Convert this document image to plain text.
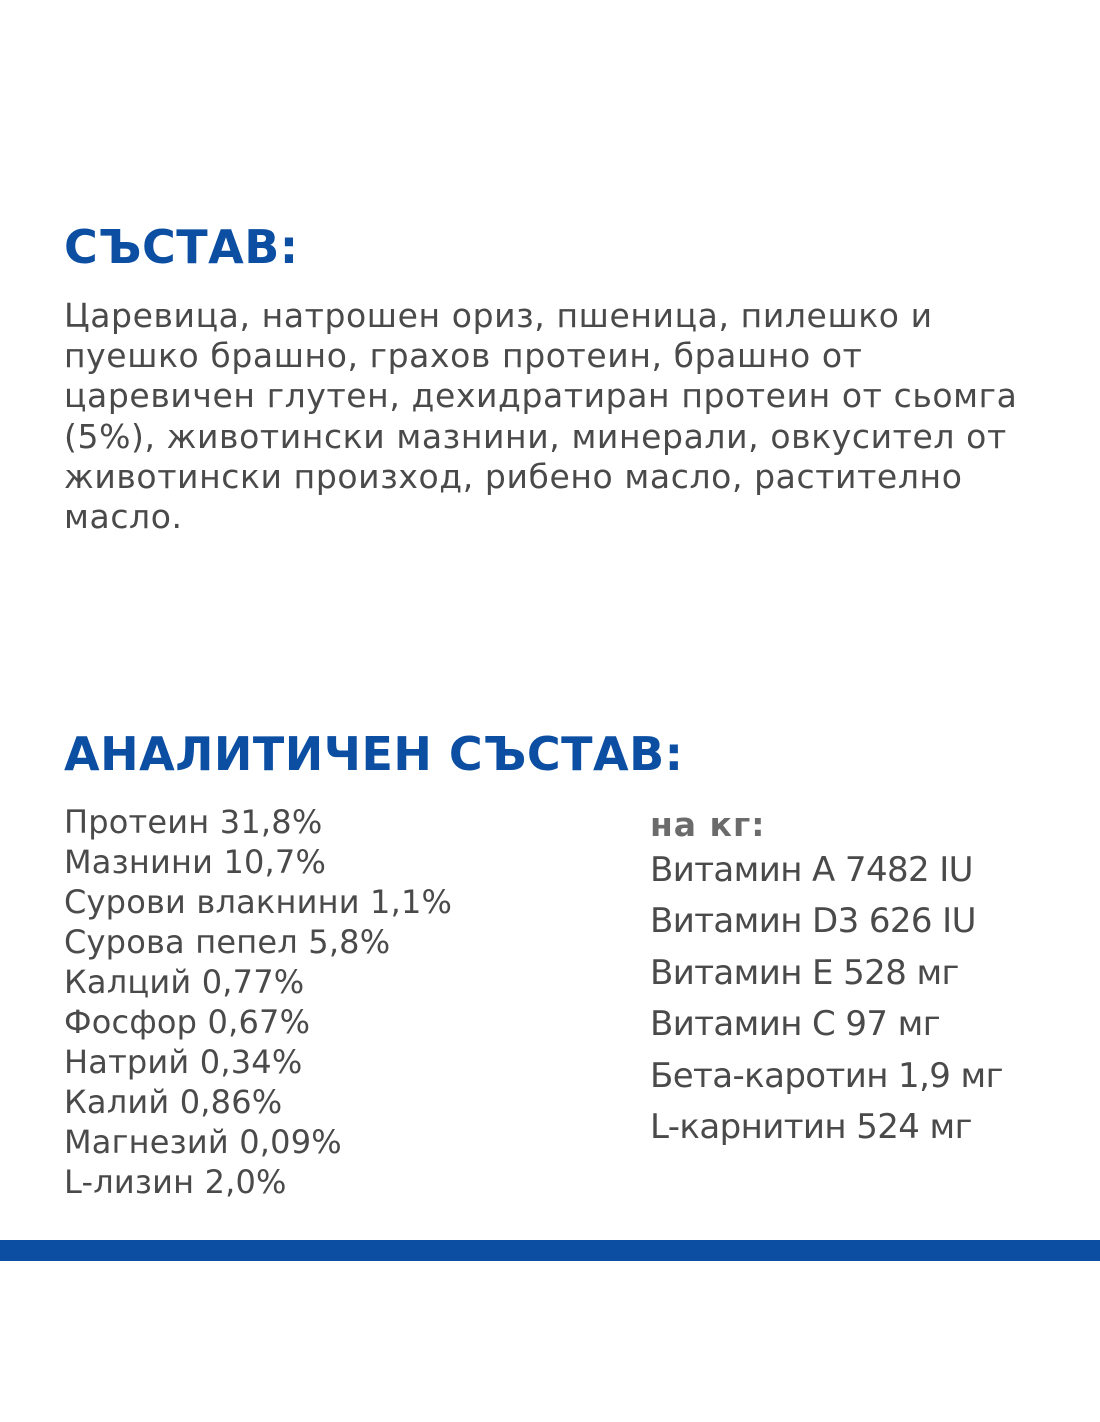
СЪСТАВ:

Царевица, натрошен ориз, пшеница, пилешко и пуешко брашно, грахов протеин, брашно от царевичен глутен, дехидратиран протеин от сьомга (5%), животински мазнини, минерали, овкусител от животински произход, рибено масло, растително масло.

АНАЛИТИЧЕН СЪСТАВ:
Протеин 31,8%
Мазнини 10,7%
Сурови влакнини 1,1%
Сурова пепел 5,8%
Калций 0,77%
Фосфор 0,67%
Натрий 0,34%
Калий 0,86%
Магнезий 0,09%
L-лизин 2,0%
на кг:
Витамин A 7482 IU
Витамин D3 626 IU
Витамин E 528 мг
Витамин C 97 мг
Бета-каротин 1,9 мг
L-карнитин 524 мг
